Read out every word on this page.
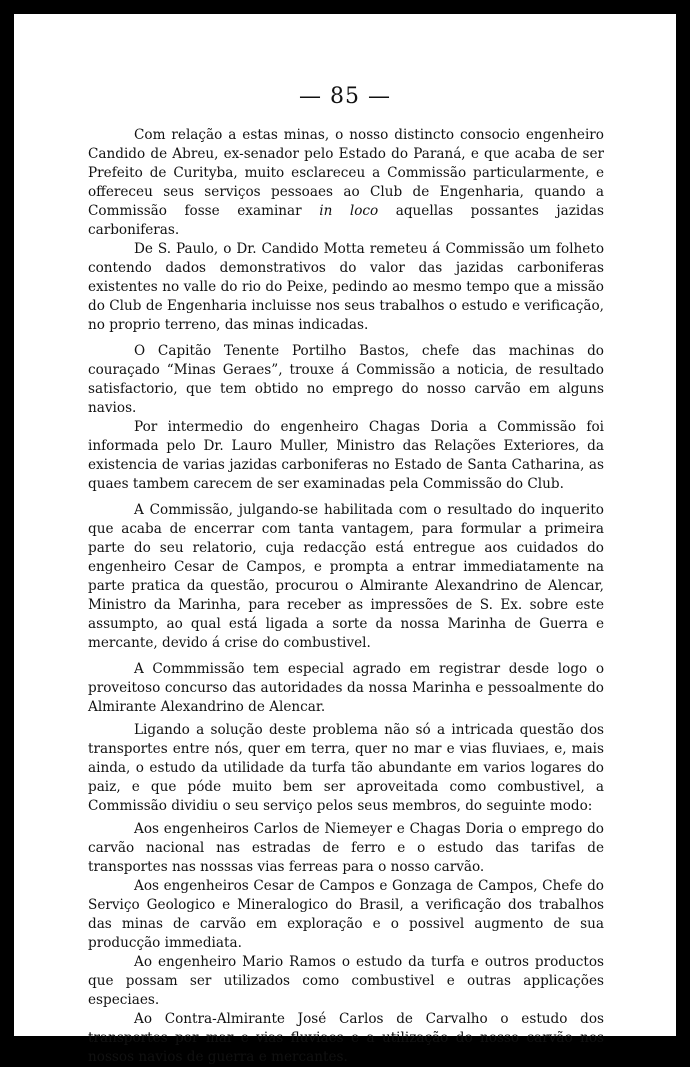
— 85 —

Com relação a estas minas, o nosso distincto consocio engenheiro Candido de Abreu, ex-senador pelo Estado do Paraná, e que acaba de ser Prefeito de Curityba, muito esclareceu a Commissão particularmente, e offereceu seus serviços pessoaes ao Club de Engenharia, quando a Commissão fosse examinar in loco aquellas possantes jazidas carboniferas.

De S. Paulo, o Dr. Candido Motta remeteu á Commissão um folheto contendo dados demonstrativos do valor das jazidas carboniferas existentes no valle do rio do Peixe, pedindo ao mesmo tempo que a missão do Club de Engenharia incluisse nos seus trabalhos o estudo e verificação, no proprio terreno, das minas indicadas.

O Capitão Tenente Portilho Bastos, chefe das machinas do couraçado “Minas Geraes”, trouxe á Commissão a noticia, de resultado satisfactorio, que tem obtido no emprego do nosso carvão em alguns navios.

Por intermedio do engenheiro Chagas Doria a Commissão foi informada pelo Dr. Lauro Muller, Ministro das Relações Exteriores, da existencia de varias jazidas carboniferas no Estado de Santa Catharina, as quaes tambem carecem de ser examinadas pela Commissão do Club.

A Commissão, julgando-se habilitada com o resultado do inquerito que acaba de encerrar com tanta vantagem, para formular a primeira parte do seu relatorio, cuja redacção está entregue aos cuidados do engenheiro Cesar de Campos, e prompta a entrar immediatamente na parte pratica da questão, procurou o Almirante Alexandrino de Alencar, Ministro da Marinha, para receber as impressões de S. Ex. sobre este assumpto, ao qual está ligada a sorte da nossa Marinha de Guerra e mercante, devido á crise do combustivel.

A Commmissão tem especial agrado em registrar desde logo o proveitoso concurso das autoridades da nossa Marinha e pessoalmente do Almirante Alexandrino de Alencar.

Ligando a solução deste problema não só a intricada questão dos transportes entre nós, quer em terra, quer no mar e vias fluviaes, e, mais ainda, o estudo da utilidade da turfa tão abundante em varios logares do paiz, e que póde muito bem ser aproveitada como combustivel, a Commissão dividiu o seu serviço pelos seus membros, do seguinte modo:

Aos engenheiros Carlos de Niemeyer e Chagas Doria o emprego do carvão nacional nas estradas de ferro e o estudo das tarifas de transportes nas nosssas vias ferreas para o nosso carvão.

Aos engenheiros Cesar de Campos e Gonzaga de Campos, Chefe do Serviço Geologico e Mineralogico do Brasil, a verificação dos trabalhos das minas de carvão em exploração e o possivel augmento de sua producção immediata.

Ao engenheiro Mario Ramos o estudo da turfa e outros productos que possam ser utilizados como combustivel e outras applicações especiaes.

Ao Contra-Almirante José Carlos de Carvalho o estudo dos transportes por mar e vias fluviaes e a utilização do nosso carvão nos nossos navios de guerra e mercantes.
